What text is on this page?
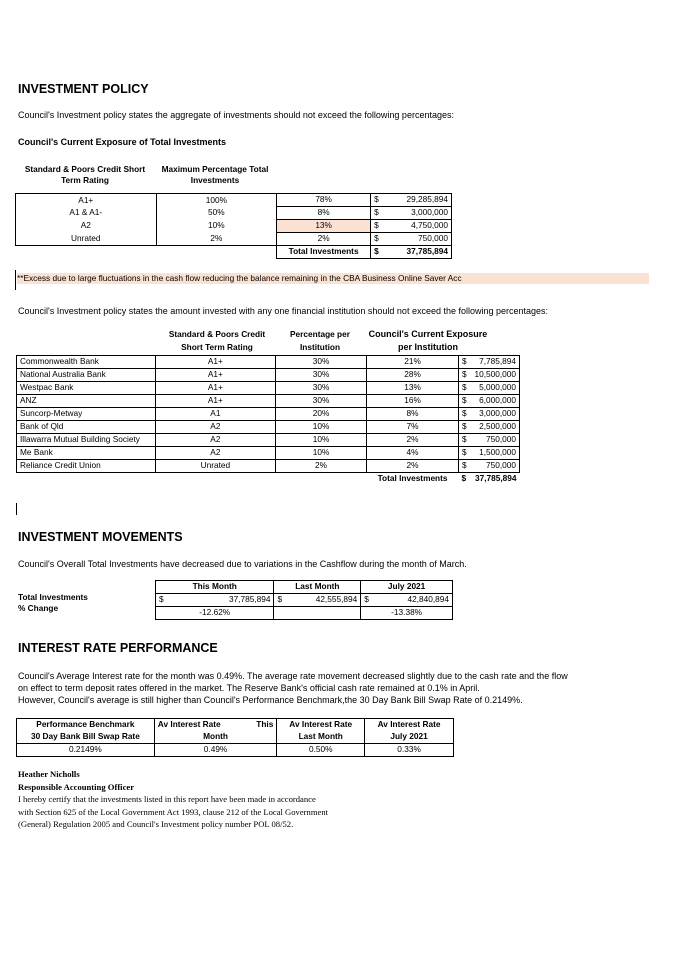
INVESTMENT POLICY
Council's Investment policy states the aggregate of investments should not exceed the following percentages:
Council's Current Exposure of Total Investments
Standard & Poors Credit Short Term Rating
Maximum Percentage Total Investments
A1+	100%	78%	$	29,285,894
A1 & A1-	50%	8%	$	3,000,000
A2	10%	13%	$	4,750,000
Unrated	2%	2%	$	750,000
		Total Investments	$	37,785,894
**Excess due to large fluctuations in the cash flow reducing the balance remaining in the CBA Business Online Saver Acc
Council's Investment policy states the amount invested with any one financial institution should not exceed the following percentages:
Standard & Poors Credit Short Term Rating
Percentage per Institution
Council's Current Exposure per Institution
Commonwealth Bank	A1+	30%	21%	$	7,785,894
National Australia Bank	A1+	30%	28%	$	10,500,000
Westpac Bank	A1+	30%	13%	$	5,000,000
ANZ	A1+	30%	16%	$	6,000,000
Suncorp-Metway	A1	20%	8%	$	3,000,000
Bank of Qld	A2	10%	7%	$	2,500,000
Illawarra Mutual Building Society	A2	10%	2%	$	750,000
Me Bank	A2	10%	4%	$	1,500,000
Reliance Credit Union	Unrated	2%	2%	$	750,000
			Total Investments	$	37,785,894
INVESTMENT MOVEMENTS
Council's Overall Total Investments have decreased due to variations in the Cashflow during the month of March.
Total Investments
% Change
This Month		Last Month		July 2021	
$	37,785,894	$	42,555,894	$	42,840,894
-12.62%				-13.38%	
INTEREST RATE PERFORMANCE
Council's Average Interest rate for the month was 0.49%. The average rate movement decreased slightly due to the cash rate and the flow
on effect to term deposit rates offered in the market. The Reserve Bank's official cash rate remained at 0.1% in April.
However, Council's average is still higher than Council's Performance Benchmark,the 30 Day Bank Bill Swap Rate of 0.2149%.
Performance Benchmark	Av Interest Rate This	Av Interest Rate	Av Interest Rate
30 Day Bank Bill Swap Rate	Month	Last Month	July 2021
0.2149%	0.49%	0.50%	0.33%
Heather Nicholls
Responsible Accounting Officer
I hereby certify that the investments listed in this report have been made in accordance
with Section 625 of the Local Government Act 1993, clause 212 of the Local Government
(General) Regulation 2005 and Council's Investment policy number POL 08/52.
